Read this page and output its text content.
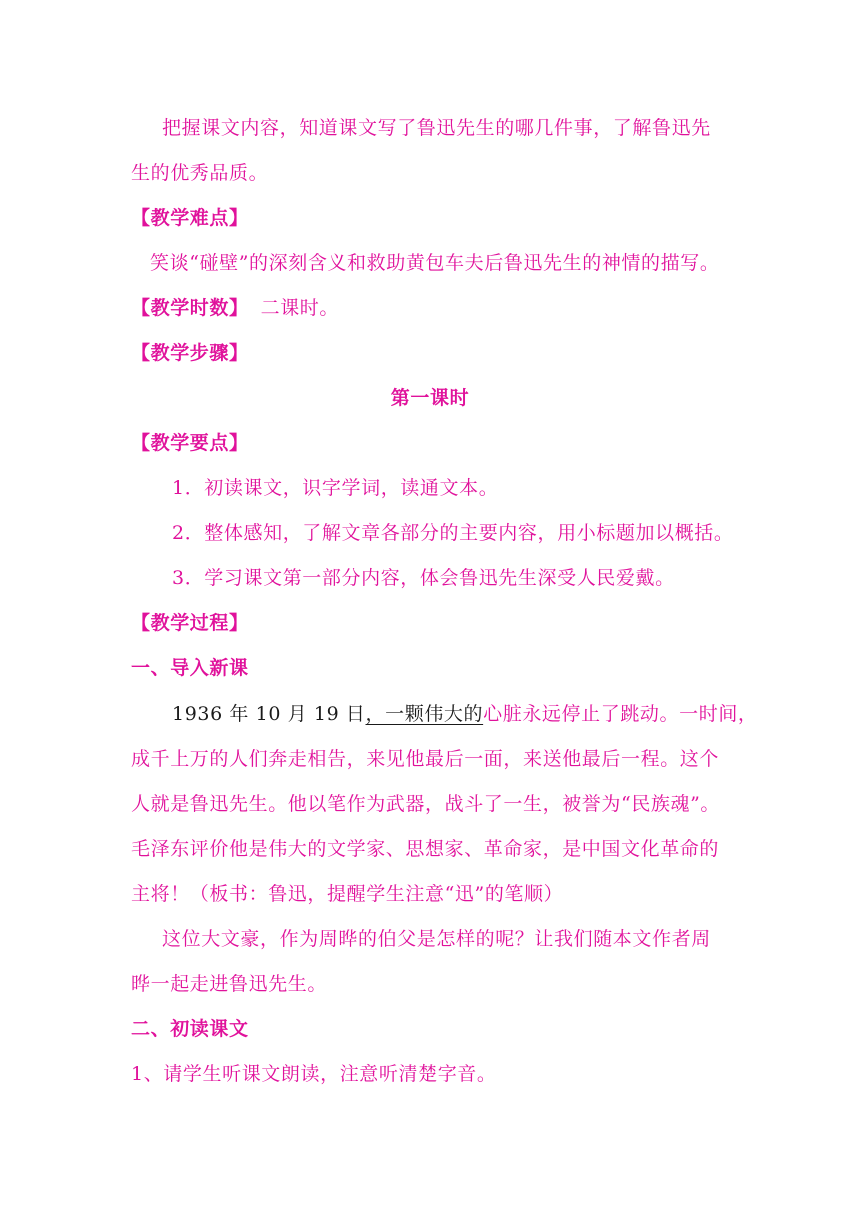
把握课文内容，知道课文写了鲁迅先生的哪几件事，了解鲁迅先
生的优秀品质。
【教学难点】
笑谈“碰壁”的深刻含义和救助黄包车夫后鲁迅先生的神情的描写。
【教学时数】 二课时。
【教学步骤】
第一课时
【教学要点】
1．初读课文，识字学词，读通文本。
2．整体感知，了解文章各部分的主要内容，用小标题加以概括。
3．学习课文第一部分内容，体会鲁迅先生深受人民爱戴。
【教学过程】
一、导入新课
1936 年 10 月 19 日，一颗伟大的心脏永远停止了跳动。一时间，
成千上万的人们奔走相告，来见他最后一面，来送他最后一程。这个
人就是鲁迅先生。他以笔作为武器，战斗了一生，被誉为“民族魂”。
毛泽东评价他是伟大的文学家、思想家、革命家，是中国文化革命的
主将！（板书：鲁迅，提醒学生注意“迅”的笔顺）
这位大文豪，作为周晔的伯父是怎样的呢？让我们随本文作者周
晔一起走进鲁迅先生。
二、初读课文
1、请学生听课文朗读，注意听清楚字音。
